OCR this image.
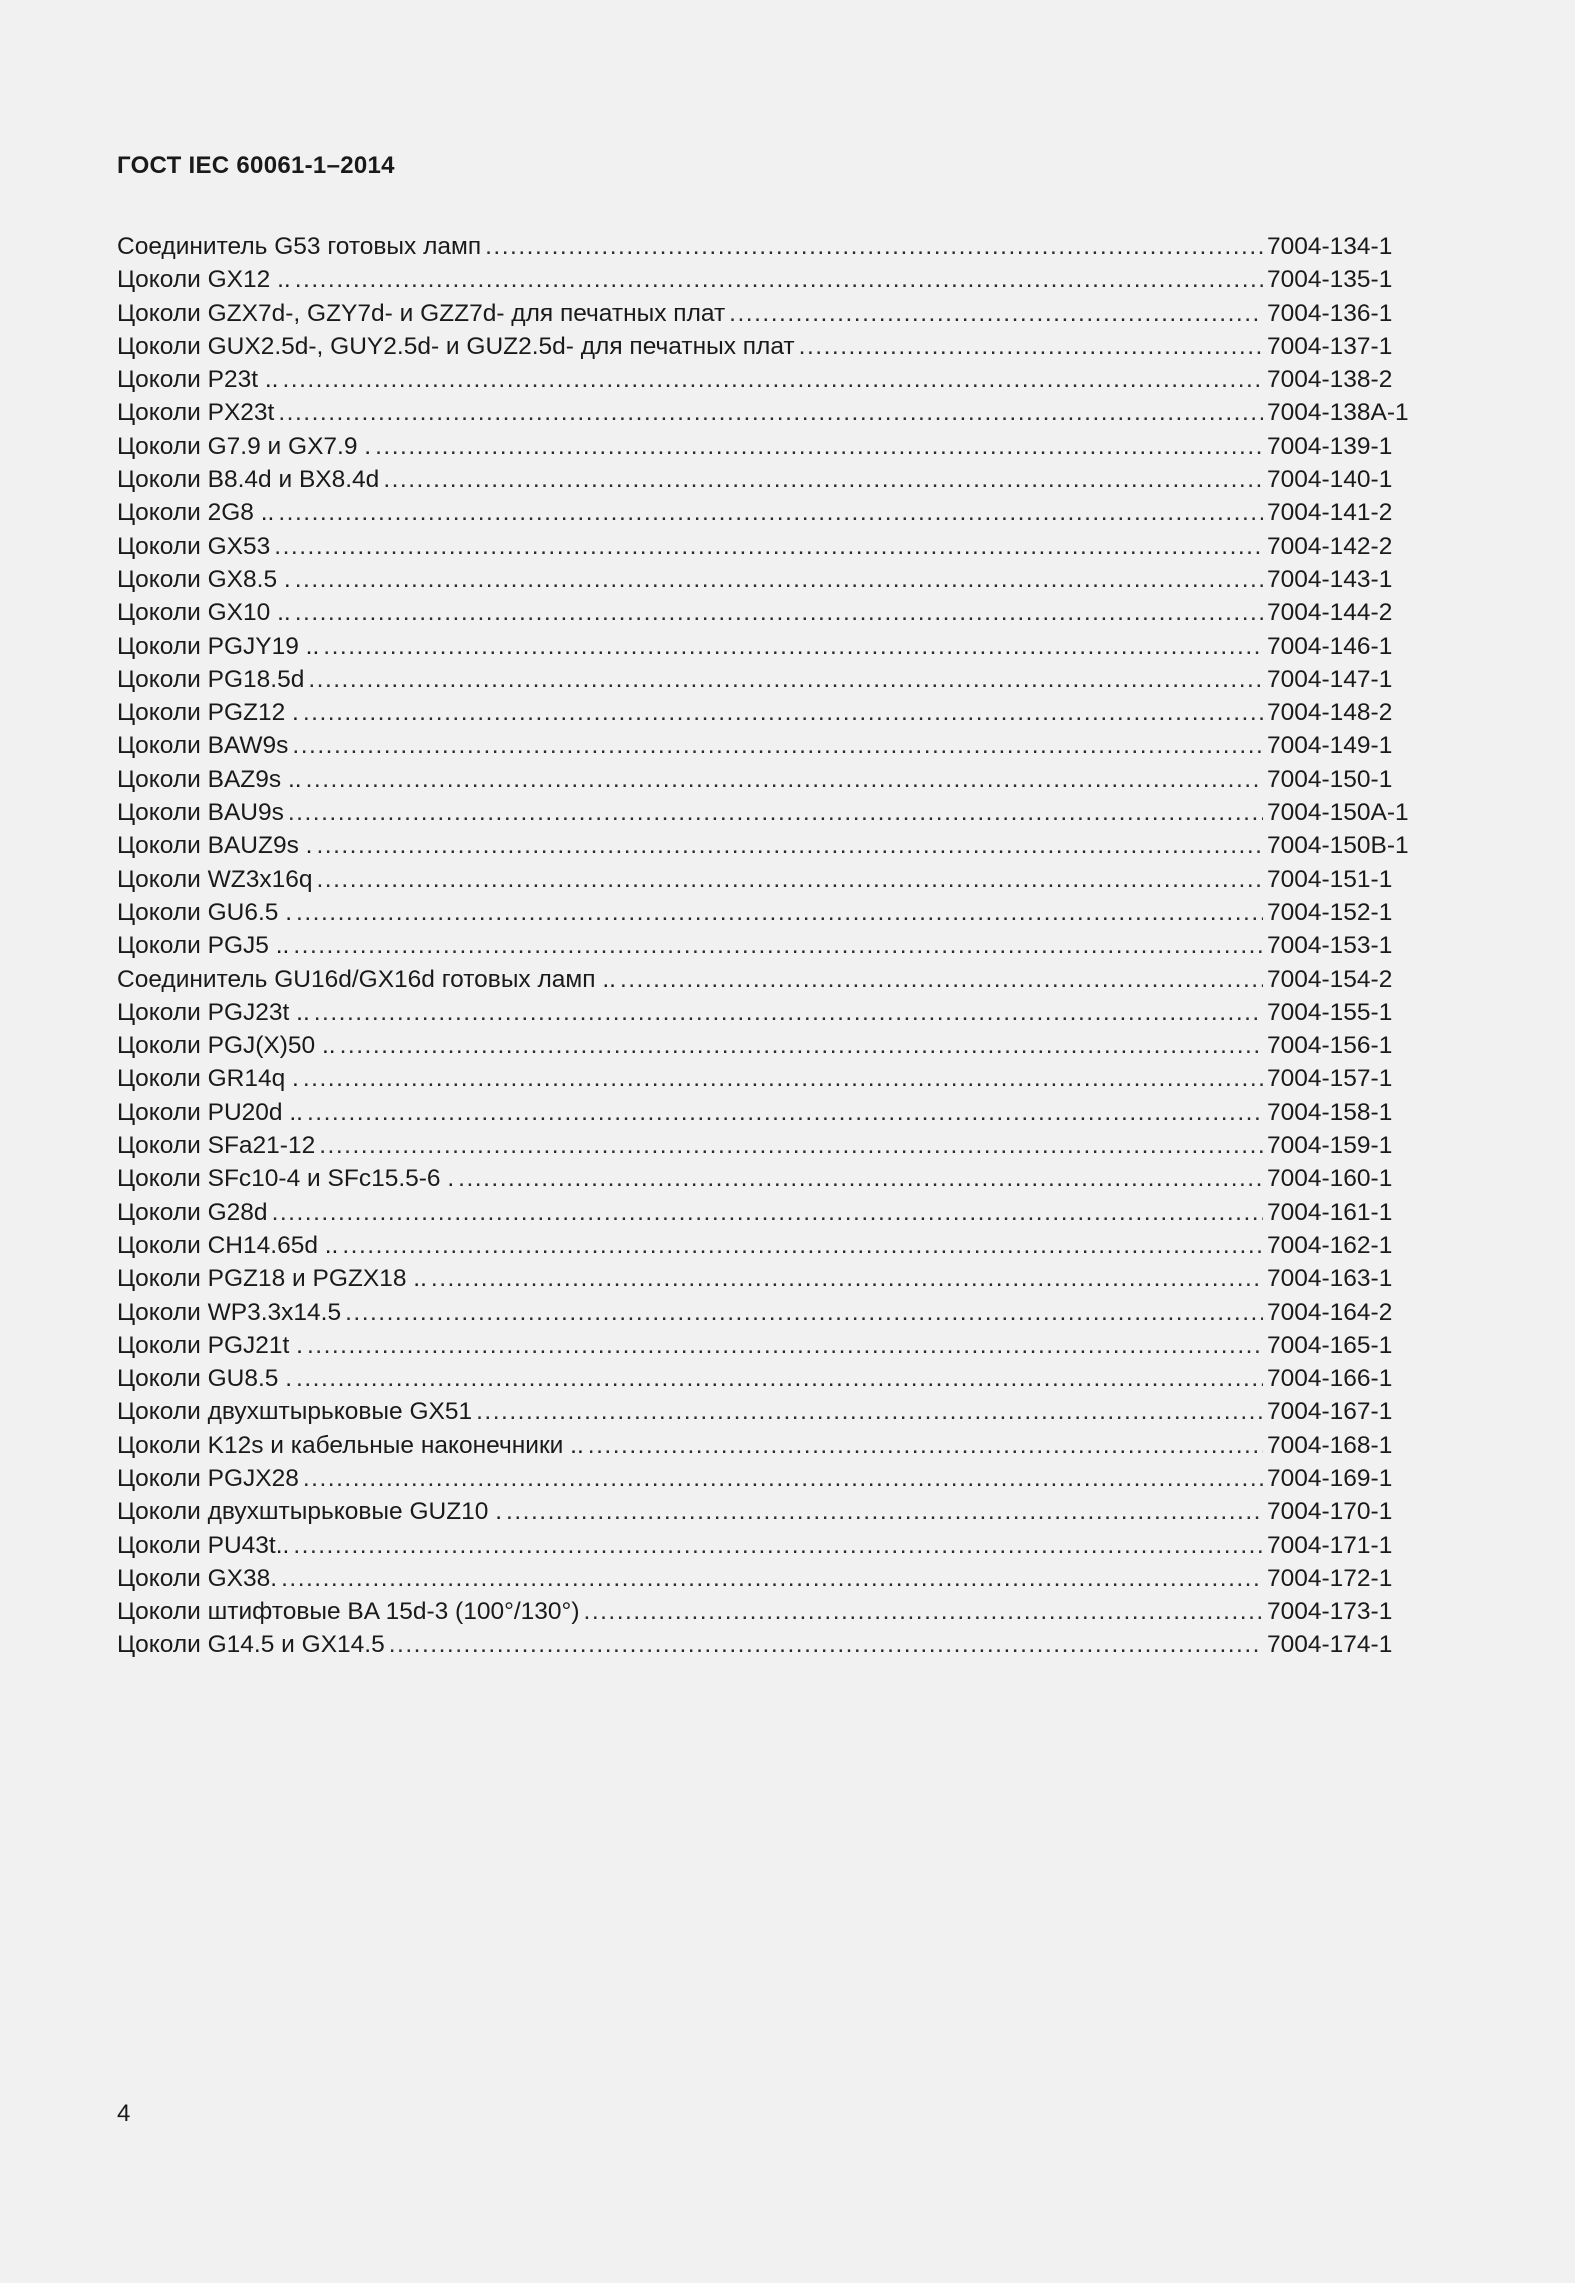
ГОСТ IEC 60061-1–2014
Соединитель G53 готовых ламп .....	7004-134-1
Цоколи GX12 .. .....	7004-135-1
Цоколи GZX7d-, GZY7d- и GZZ7d- для печатных плат .....	7004-136-1
Цоколи GUX2.5d-, GUY2.5d- и GUZ2.5d- для печатных плат .....	7004-137-1
Цоколи P23t .. .....	7004-138-2
Цоколи PX23t .....	7004-138A-1
Цоколи G7.9 и GX7.9 . .....	7004-139-1
Цоколи B8.4d и BX8.4d .....	7004-140-1
Цоколи 2G8 .. .....	7004-141-2
Цоколи GX53 .....	7004-142-2
Цоколи GX8.5 . .....	7004-143-1
Цоколи GX10 .. .....	7004-144-2
Цоколи PGJY19 .. .....	7004-146-1
Цоколи PG18.5d .....	7004-147-1
Цоколи PGZ12 . .....	7004-148-2
Цоколи BAW9s .....	7004-149-1
Цоколи BAZ9s .. .....	7004-150-1
Цоколи BAU9s .....	7004-150A-1
Цоколи BAUZ9s . .....	7004-150B-1
Цоколи WZ3x16q .....	7004-151-1
Цоколи GU6.5 . .....	7004-152-1
Цоколи PGJ5 .. .....	7004-153-1
Соединитель GU16d/GX16d готовых ламп .. .....	7004-154-2
Цоколи PGJ23t .. .....	7004-155-1
Цоколи PGJ(X)50 .. .....	7004-156-1
Цоколи GR14q . .....	7004-157-1
Цоколи PU20d .. .....	7004-158-1
Цоколи SFa21-12 .....	7004-159-1
Цоколи SFc10-4 и SFc15.5-6 . .....	7004-160-1
Цоколи G28d .....	7004-161-1
Цоколи CH14.65d .. .....	7004-162-1
Цоколи PGZ18 и PGZX18 .. .....	7004-163-1
Цоколи WP3.3x14.5 .....	7004-164-2
Цоколи PGJ21t . .....	7004-165-1
Цоколи GU8.5 . .....	7004-166-1
Цоколи двухштырьковые GX51 .....	7004-167-1
Цоколи K12s и кабельные наконечники .. .....	7004-168-1
Цоколи PGJX28 .....	7004-169-1
Цоколи двухштырьковые GUZ10 . .....	7004-170-1
Цоколи PU43t.. .....	7004-171-1
Цоколи GX38. .....	7004-172-1
Цоколи штифтовые BA 15d-3 (100°/130°) .....	7004-173-1
Цоколи G14.5 и GX14.5 .....	7004-174-1
4
